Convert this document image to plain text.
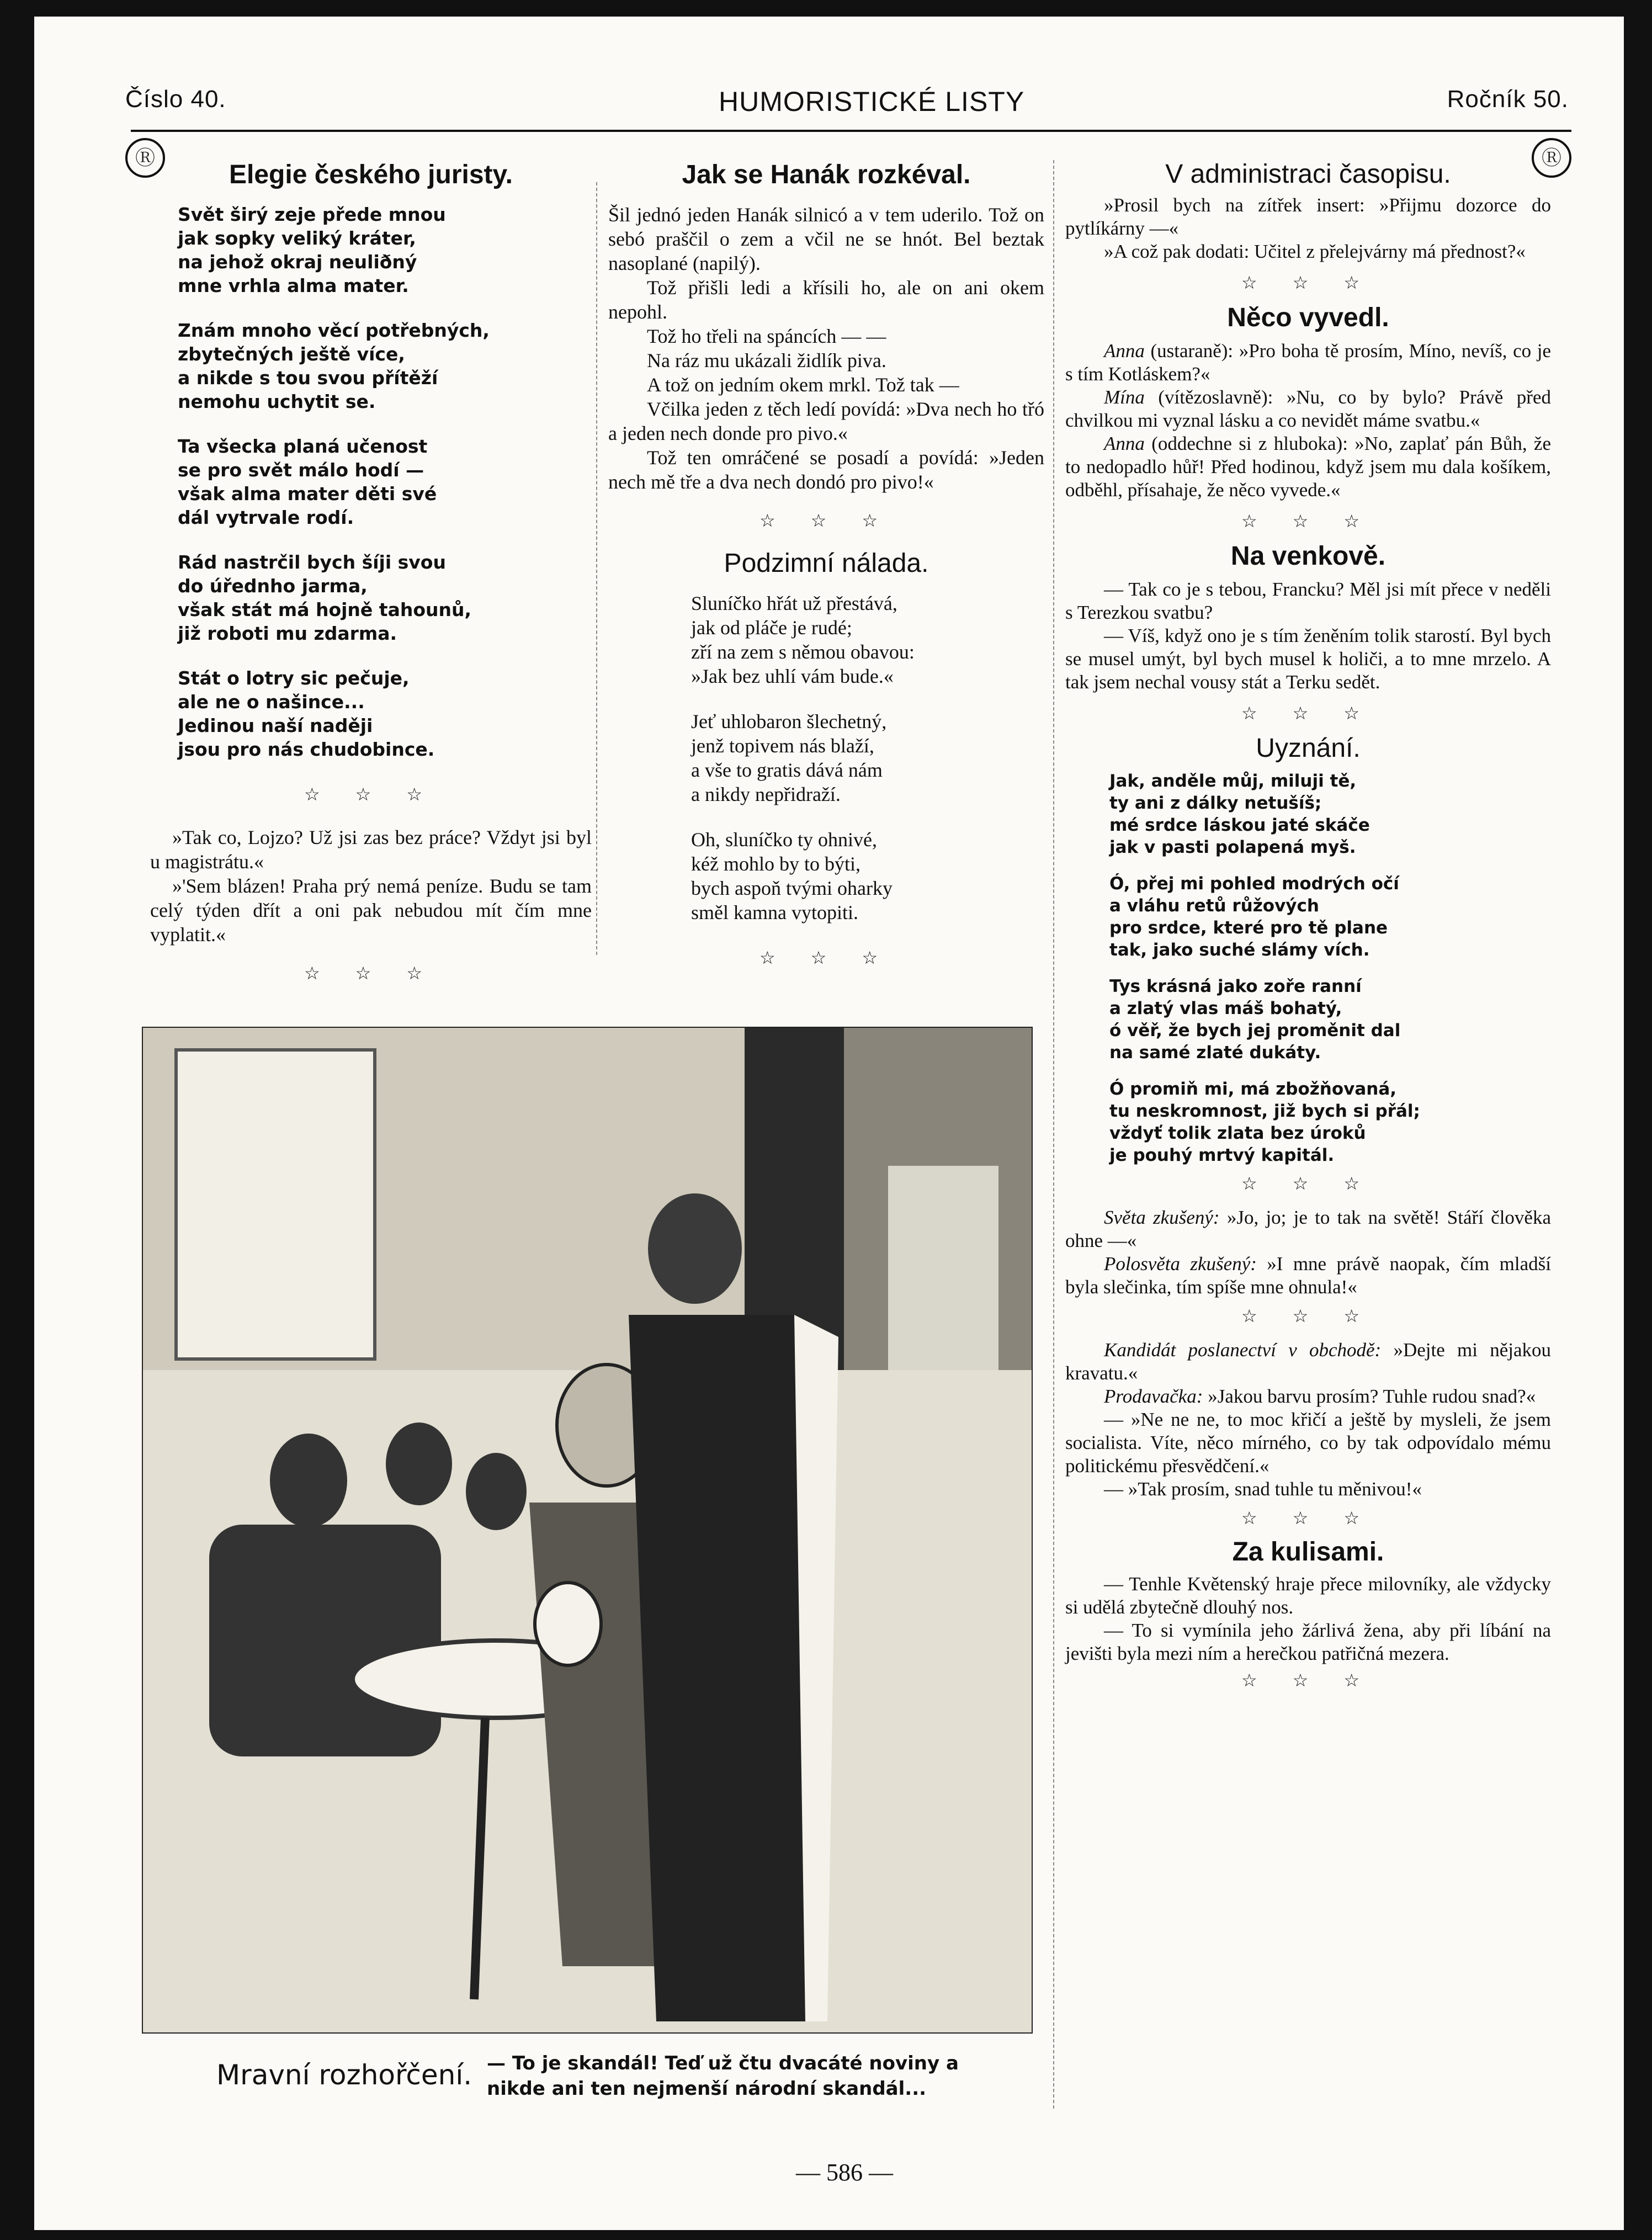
Číslo 40.	HUMORISTICKÉ LISTY	Ročník 50.
Ⓡ	Ⓡ
Elegie českého juristy.
Svět širý zeje přede mnou
jak sopky veliký kráter,
na jehož okraj neuliðný
mne vrhla alma mater.
Znám mnoho věcí potřebných,
zbytečných ještě více,
a nikde s tou svou přítěží
nemohu uchytit se.
Ta všecka planá učenost
se pro svět málo hodí —
však alma mater děti své
dál vytrvale rodí.
Rád nastrčil bych šíji svou
do úřednho jarma,
však stát má hojně tahounů,
již roboti mu zdarma.
Stát o lotry sic pečuje,
ale ne o našince...
Jedinou naší naději
jsou pro nás chudobince.
☆ ☆ ☆

»Tak co, Lojzo? Už jsi zas bez práce? Vždyt jsi byl u magistrátu.«

»'Sem blázen! Praha prý nemá peníze. Budu se tam celý týden dřít a oni pak nebudou mít čím mne vyplatit.«

☆ ☆ ☆
Jak se Hanák rozkéval.

Šil jednó jeden Hanák silnicó a v tem uderilo. Tož on sebó praščil o zem a včil ne se hnót. Bel beztak nasoplané (napilý).

Tož přišli ledi a křísili ho, ale on ani okem nepohl.

Tož ho třeli na spáncích — —

Na ráz mu ukázali židlík piva.

A tož on jedním okem mrkl. Tož tak —

Včilka jeden z těch ledí povídá: »Dva nech ho třó a jeden nech donde pro pivo.«

Tož ten omráčené se posadí a povídá: »Jeden nech mě tře a dva nech dondó pro pivo!«

☆ ☆ ☆
Podzimní nálada.
Sluníčko hřát už přestává,
jak od pláče je rudé;
zří na zem s němou obavou:
»Jak bez uhlí vám bude.«
Jeť uhlobaron šlechetný,
jenž topivem nás blaží,
a vše to gratis dává nám
a nikdy nepřidraží.
Oh, sluníčko ty ohnivé,
kéž mohlo by to býti,
bych aspoň tvými oharky
směl kamna vytopiti.
☆ ☆ ☆
V administraci časopisu.

»Prosil bych na zítřek insert: »Přijmu dozorce do pytlíkárny —«

»A což pak dodati: Učitel z přelejvárny má přednost?«

☆ ☆ ☆
Něco vyvedl.

Anna (ustaraně): »Pro boha tě prosím, Míno, nevíš, co je s tím Kotláskem?«

Mína (vítězoslavně): »Nu, co by bylo? Právě před chvilkou mi vyznal lásku a co nevidět máme svatbu.«

Anna (oddechne si z hluboka): »No, zaplať pán Bůh, že to nedopadlo hůř! Před hodinou, když jsem mu dala košíkem, odběhl, přísahaje, že něco vyvede.«

☆ ☆ ☆
Na venkově.

— Tak co je s tebou, Francku? Měl jsi mít přece v neděli s Terezkou svatbu?

— Víš, když ono je s tím ženěním tolik starostí. Byl bych se musel umýt, byl bych musel k holiči, a to mne mrzelo. A tak jsem nechal vousy stát a Terku sedět.

☆ ☆ ☆
Uyznání.
Jak, anděle můj, miluji tě,
ty ani z dálky netušíš;
mé srdce láskou jaté skáče
jak v pasti polapená myš.
Ó, přej mi pohled modrých očí
a vláhu retů růžových
pro srdce, které pro tě plane
tak, jako suché slámy vích.
Tys krásná jako zoře ranní
a zlatý vlas máš bohatý,
ó věř, že bych jej proměnit dal
na samé zlaté dukáty.
Ó promiň mi, má zbožňovaná,
tu neskromnost, již bych si přál;
vždyť tolik zlata bez úroků
je pouhý mrtvý kapitál.
☆ ☆ ☆

Světa zkušený: »Jo, jo; je to tak na světě! Stáří člověka ohne —«

Polosvěta zkušený: »I mne právě naopak, čím mladší byla slečinka, tím spíše mne ohnula!«

☆ ☆ ☆

Kandidát poslanectví v obchodě: »Dejte mi nějakou kravatu.«

Prodavačka: »Jakou barvu prosím? Tuhle rudou snad?«

— »Ne ne ne, to moc křičí a ještě by mysleli, že jsem socialista. Víte, něco mírného, co by tak odpovídalo mému politickému přesvědčení.«

— »Tak prosím, snad tuhle tu měnivou!«

☆ ☆ ☆
Za kulisami.

— Tenhle Květenský hraje přece milovníky, ale vždycky si udělá zbytečně dlouhý nos.

— To si vymínila jeho žárlivá žena, aby při líbání na jevišti byla mezi ním a herečkou patřičná mezera.

☆ ☆ ☆
Mravní rozhořčení. — To je skandál! Teď už čtu dvacáté noviny a nikde ani ten nejmenší národní skandál...
— 586 —
